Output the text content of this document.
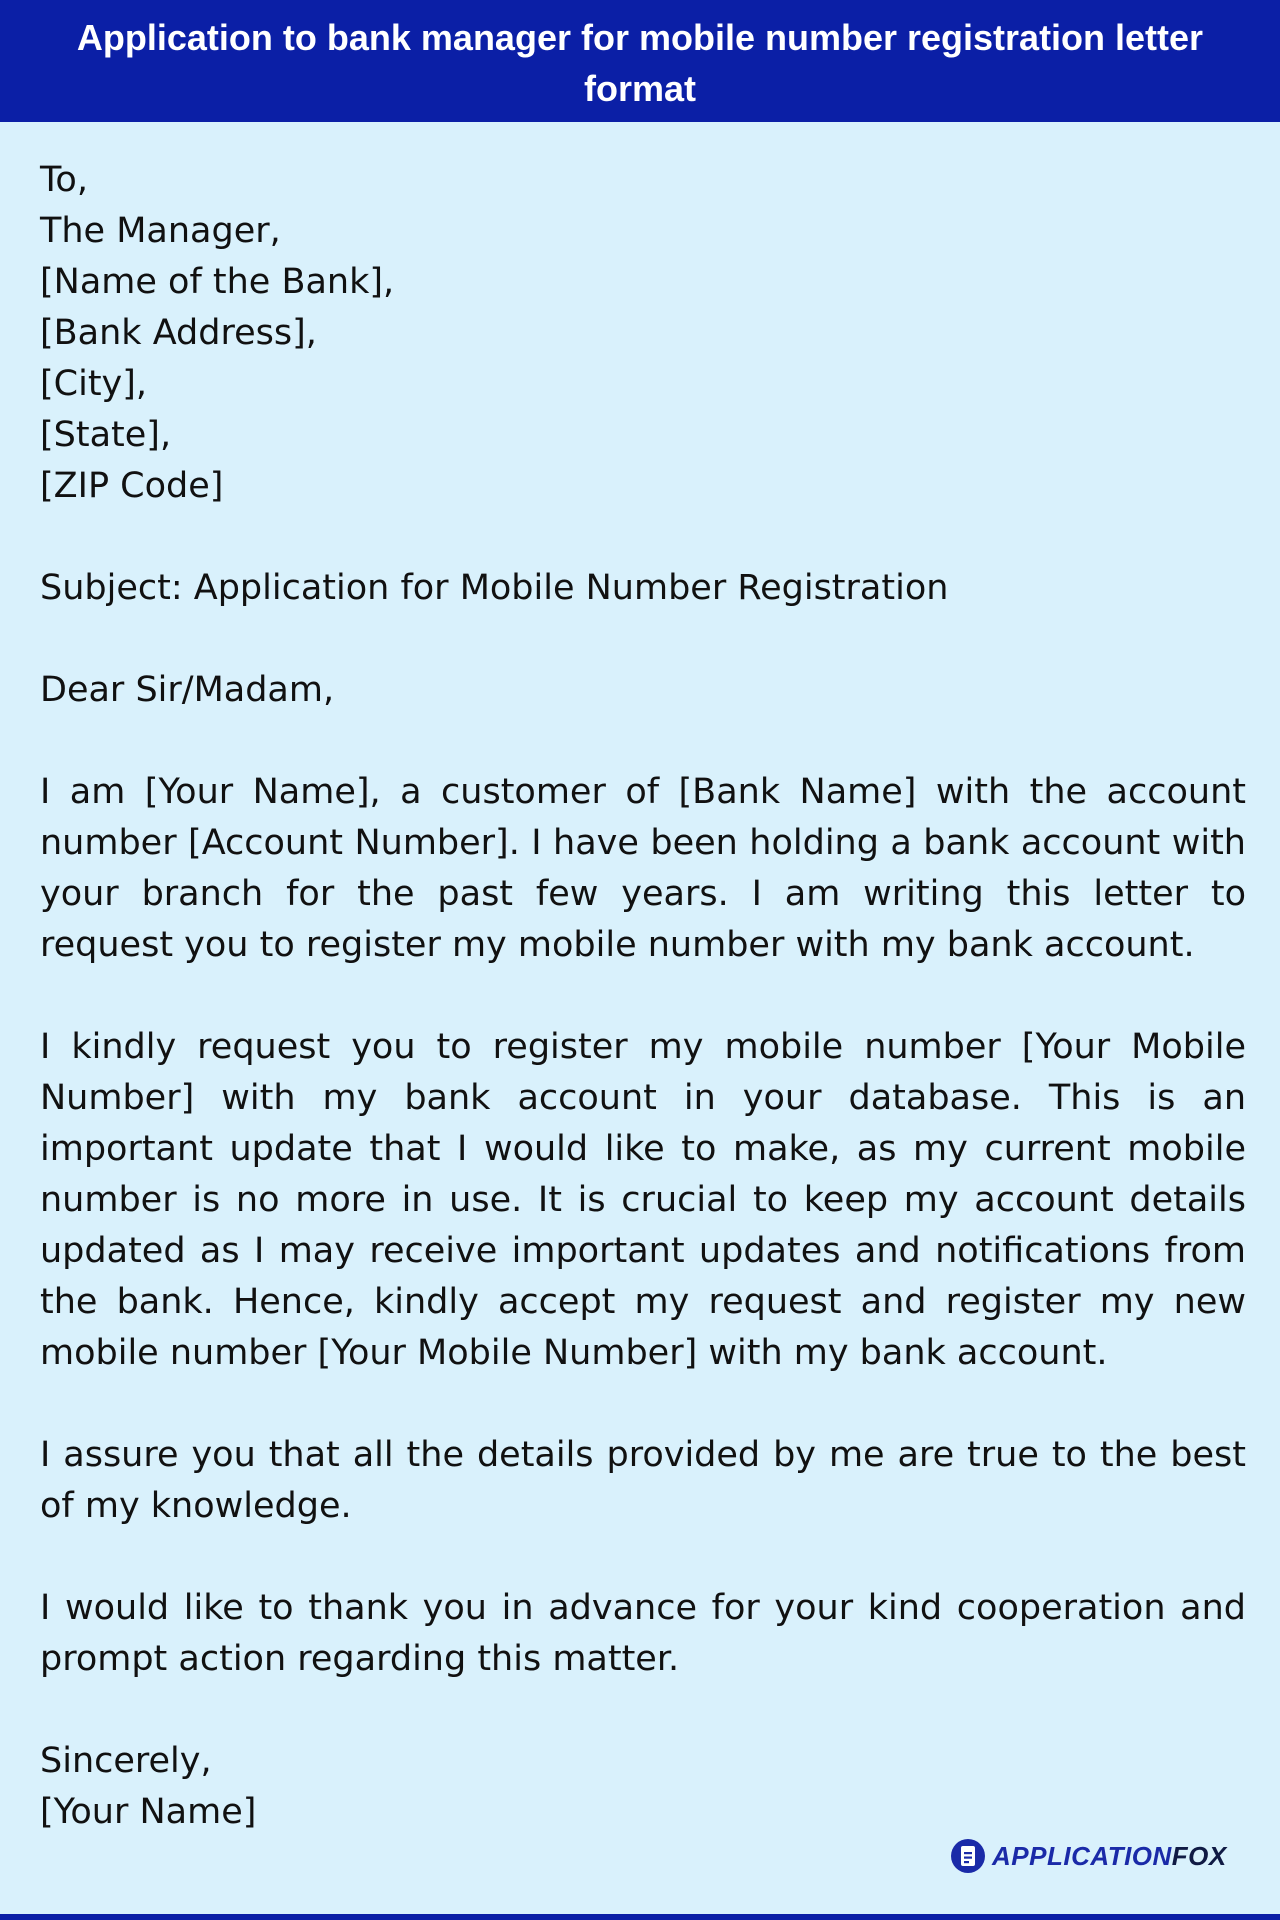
Application to bank manager for mobile number registration letter format
To,
The Manager,
[Name of the Bank],
[Bank Address],
[City],
[State],
[ZIP Code]

Subject: Application for Mobile Number Registration

Dear Sir/Madam,

I am [Your Name], a customer of [Bank Name] with the account number [Account Number]. I have been holding a bank account with your branch for the past few years. I am writing this letter to request you to register my mobile number with my bank account.

I kindly request you to register my mobile number [Your Mobile Number] with my bank account in your database. This is an important update that I would like to make, as my current mobile number is no more in use. It is crucial to keep my account details updated as I may receive important updates and notifications from the bank. Hence, kindly accept my request and register my new mobile number [Your Mobile Number] with my bank account.

I assure you that all the details provided by me are true to the best of my knowledge.

I would like to thank you in advance for your kind cooperation and prompt action regarding this matter.

Sincerely,
[Your Name]
APPLICATIONFOX
